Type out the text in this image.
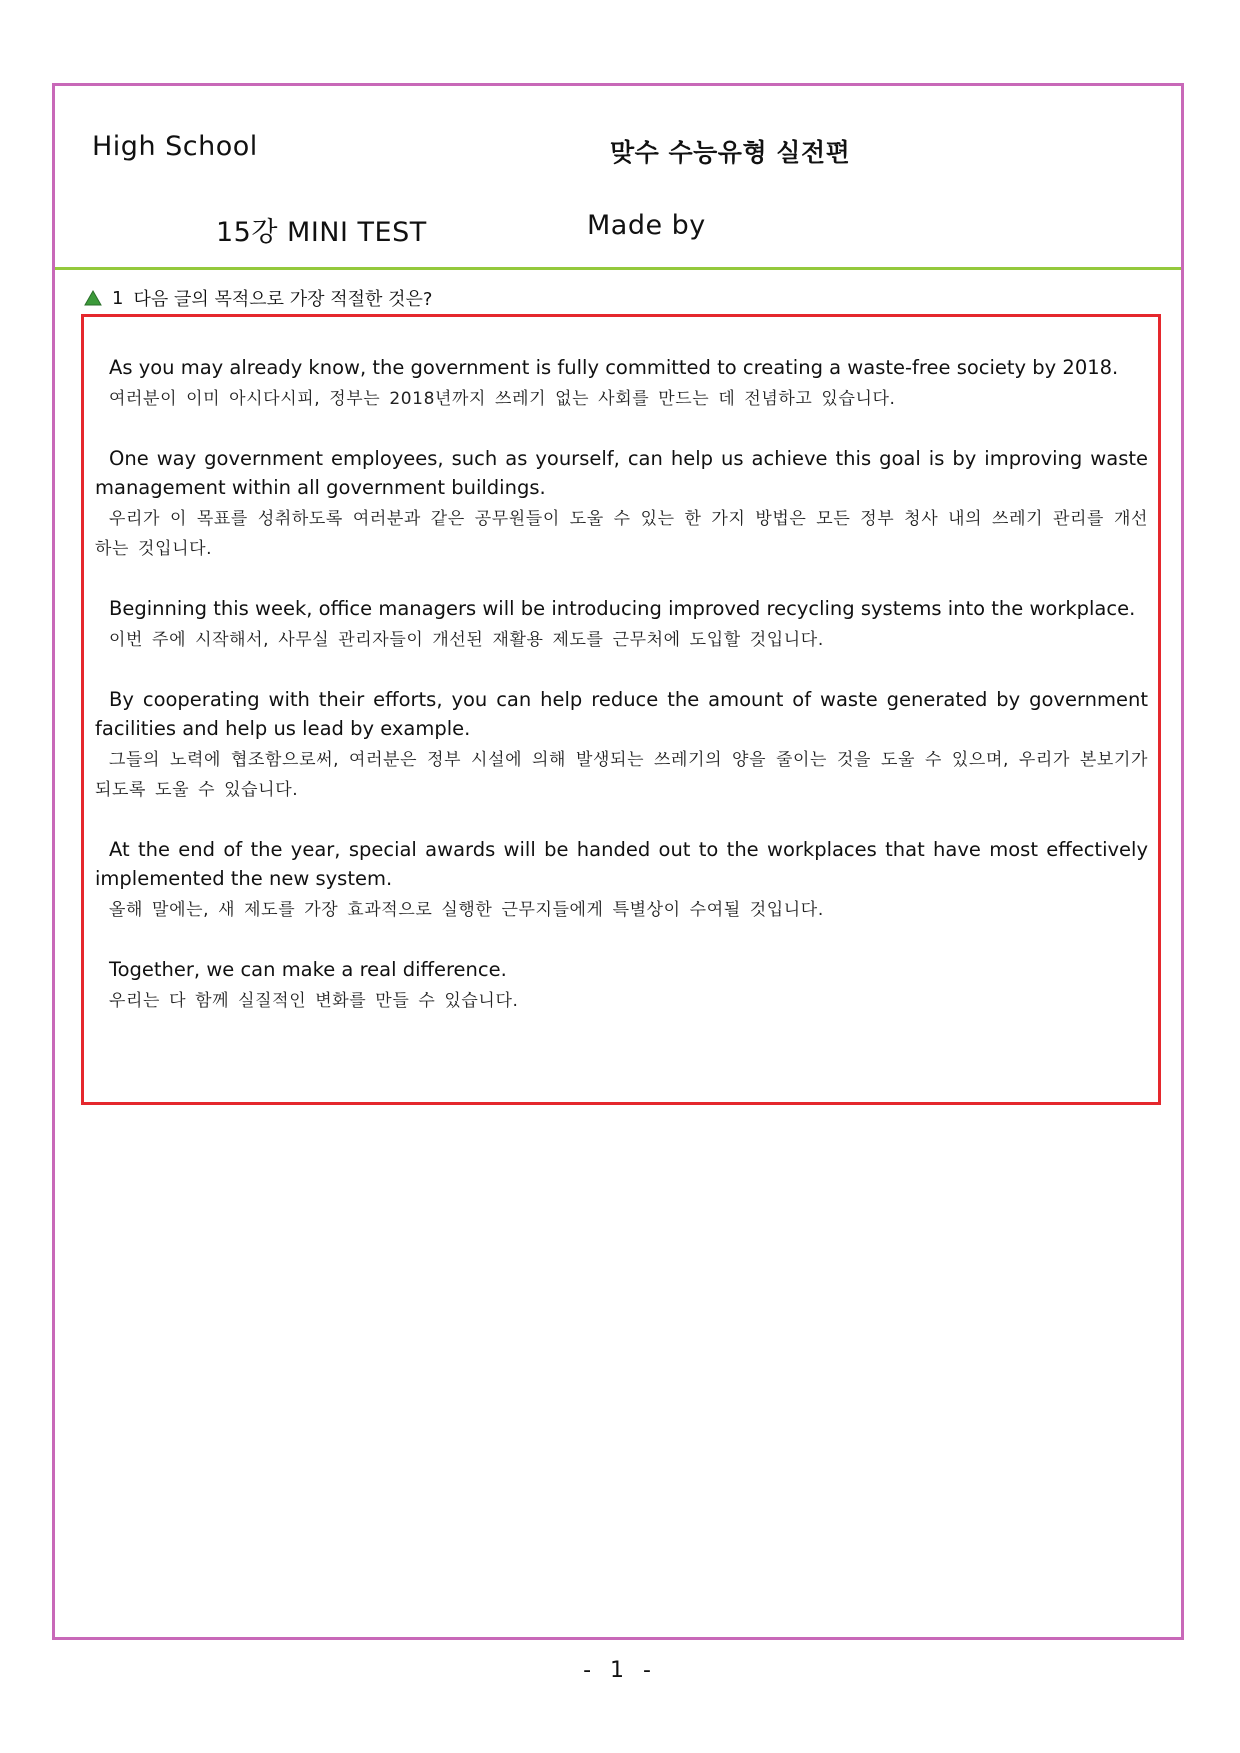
High School	맞수 수능유형 실전편
15강 MINI TEST	Made by
1 다음 글의 목적으로 가장 적절한 것은?

As you may already know, the government is fully committed to creating a waste-free society by 2018.

여러분이 이미 아시다시피, 정부는 2018년까지 쓰레기 없는 사회를 만드는 데 전념하고 있습니다.

One way government employees, such as yourself, can help us achieve this goal is by improving waste management within all government buildings.

우리가 이 목표를 성취하도록 여러분과 같은 공무원들이 도울 수 있는 한 가지 방법은 모든 정부 청사 내의 쓰레기 관리를 개선하는 것입니다.

Beginning this week, office managers will be introducing improved recycling systems into the workplace.

이번 주에 시작해서, 사무실 관리자들이 개선된 재활용 제도를 근무처에 도입할 것입니다.

By cooperating with their efforts, you can help reduce the amount of waste generated by government facilities and help us lead by example.

그들의 노력에 협조함으로써, 여러분은 정부 시설에 의해 발생되는 쓰레기의 양을 줄이는 것을 도울 수 있으며, 우리가 본보기가 되도록 도울 수 있습니다.

At the end of the year, special awards will be handed out to the workplaces that have most effectively implemented the new system.

올해 말에는, 새 제도를 가장 효과적으로 실행한 근무지들에게 특별상이 수여될 것입니다.

Together, we can make a real difference.

우리는 다 함께 실질적인 변화를 만들 수 있습니다.

- 1 -
